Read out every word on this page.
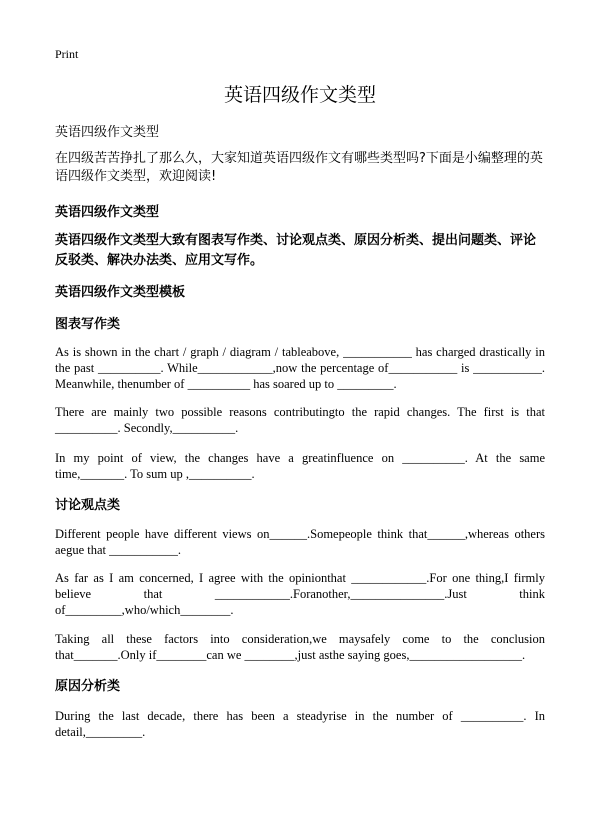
Print
英语四级作文类型
英语四级作文类型
在四级苦苦挣扎了那么久，大家知道英语四级作文有哪些类型吗?下面是小编整理的英语四级作文类型，欢迎阅读!
英语四级作文类型
英语四级作文类型大致有图表写作类、讨论观点类、原因分析类、提出问题类、评论反驳类、解决办法类、应用文写作。
英语四级作文类型模板
图表写作类
As is shown in the chart / graph / diagram / tableabove, ___________ has charged drastically in the past __________. While____________,now the percentage of___________ is ___________. Meanwhile, thenumber of __________ has soared up to _________.
There are mainly two possible reasons contributingto the rapid changes. The first is that __________. Secondly,__________.
In my point of view, the changes have a greatinfluence on __________. At the same time,_______. To sum up ,__________.
讨论观点类
Different people have different views on______.Somepeople think that______,whereas others aegue that ___________.
As far as I am concerned, I agree with the opinionthat ____________.For one thing,I firmly believe that ____________.Foranother,_______________.Just think of_________,who/which________.
Taking all these factors into consideration,we maysafely come to the conclusion that_______.Only if________can we ________,just asthe saying goes,__________________.
原因分析类
During the last decade, there has been a steadyrise in the number of __________. In detail,_________.
